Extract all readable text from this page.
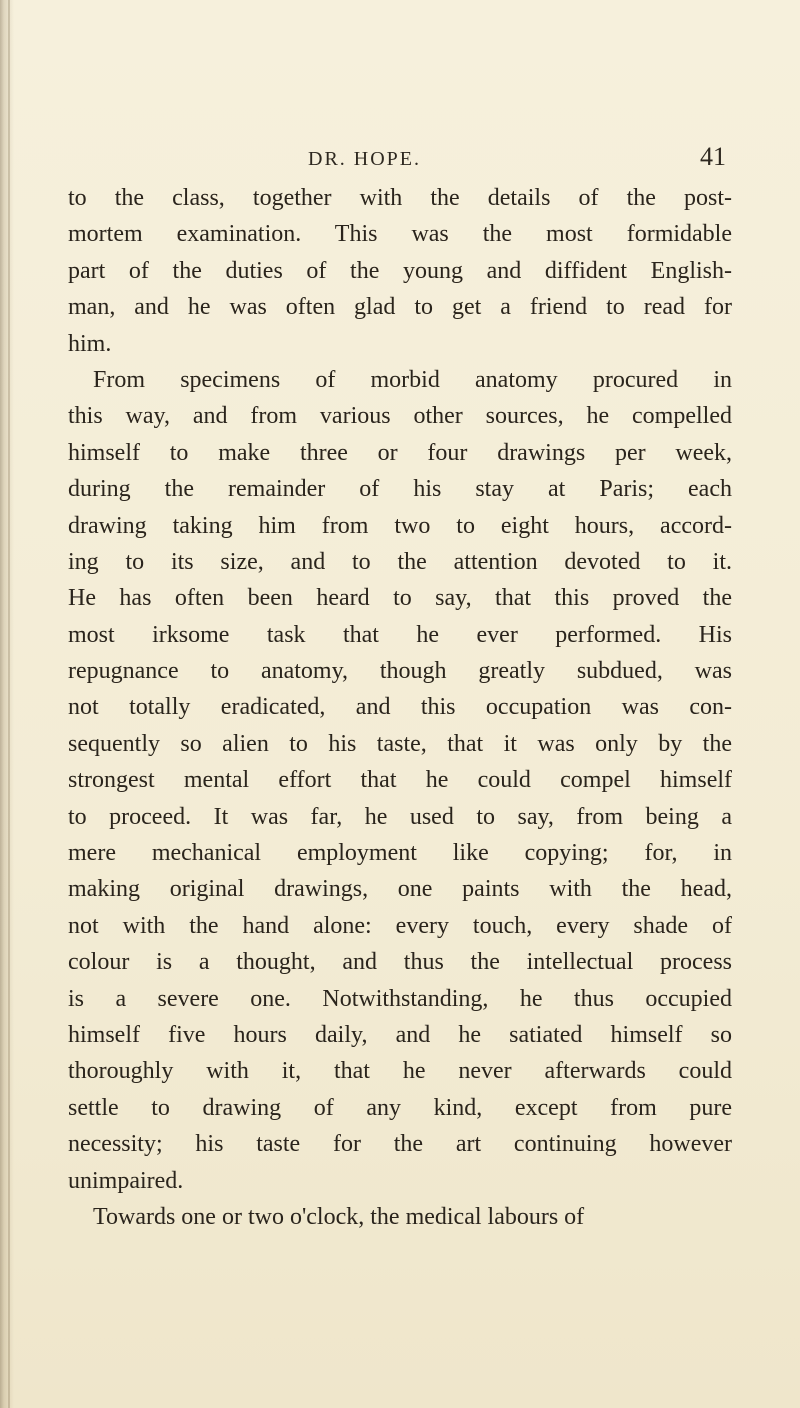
DR. HOPE.	41
to the class, together with the details of the post-
mortem examination. This was the most formidable
part of the duties of the young and diffident English-
man, and he was often glad to get a friend to read for
him.
From specimens of morbid anatomy procured in
this way, and from various other sources, he compelled
himself to make three or four drawings per week,
during the remainder of his stay at Paris; each
drawing taking him from two to eight hours, accord-
ing to its size, and to the attention devoted to it.
He has often been heard to say, that this proved the
most irksome task that he ever performed. His
repugnance to anatomy, though greatly subdued, was
not totally eradicated, and this occupation was con-
sequently so alien to his taste, that it was only by the
strongest mental effort that he could compel himself
to proceed. It was far, he used to say, from being a
mere mechanical employment like copying; for, in
making original drawings, one paints with the head,
not with the hand alone: every touch, every shade of
colour is a thought, and thus the intellectual process
is a severe one. Notwithstanding, he thus occupied
himself five hours daily, and he satiated himself so
thoroughly with it, that he never afterwards could
settle to drawing of any kind, except from pure
necessity; his taste for the art continuing however
unimpaired.
Towards one or two o'clock, the medical labours of
